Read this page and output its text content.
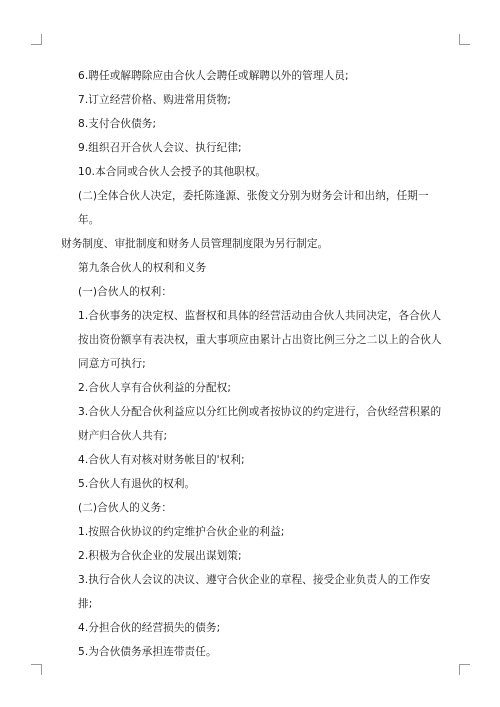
6.聘任或解聘除应由合伙人会聘任或解聘以外的管理人员;

7.订立经营价格、购进常用货物;

8.支付合伙债务;

9.组织召开合伙人会议、执行纪律;

10.本合同或合伙人会授予的其他职权。

(二)全体合伙人决定，委托陈逢源、张俊文分别为财务会计和出纳，任期一年。

财务制度、审批制度和财务人员管理制度限为另行制定。

第九条合伙人的权利和义务

(一)合伙人的权利：

1.合伙事务的决定权、监督权和具体的经营活动由合伙人共同决定，各合伙人按出资份额享有表决权，重大事项应由累计占出资比例三分之二以上的合伙人同意方可执行;

2.合伙人享有合伙利益的分配权;

3.合伙人分配合伙利益应以分红比例或者按协议的约定进行，合伙经营积累的财产归合伙人共有;

4.合伙人有对核对财务帐目的'权利;

5.合伙人有退伙的权利。

(二)合伙人的义务：

1.按照合伙协议的约定维护合伙企业的利益;

2.积极为合伙企业的发展出谋划策;

3.执行合伙人会议的决议、遵守合伙企业的章程、接受企业负责人的工作安排;

4.分担合伙的经营损失的债务;

5.为合伙债务承担连带责任。
